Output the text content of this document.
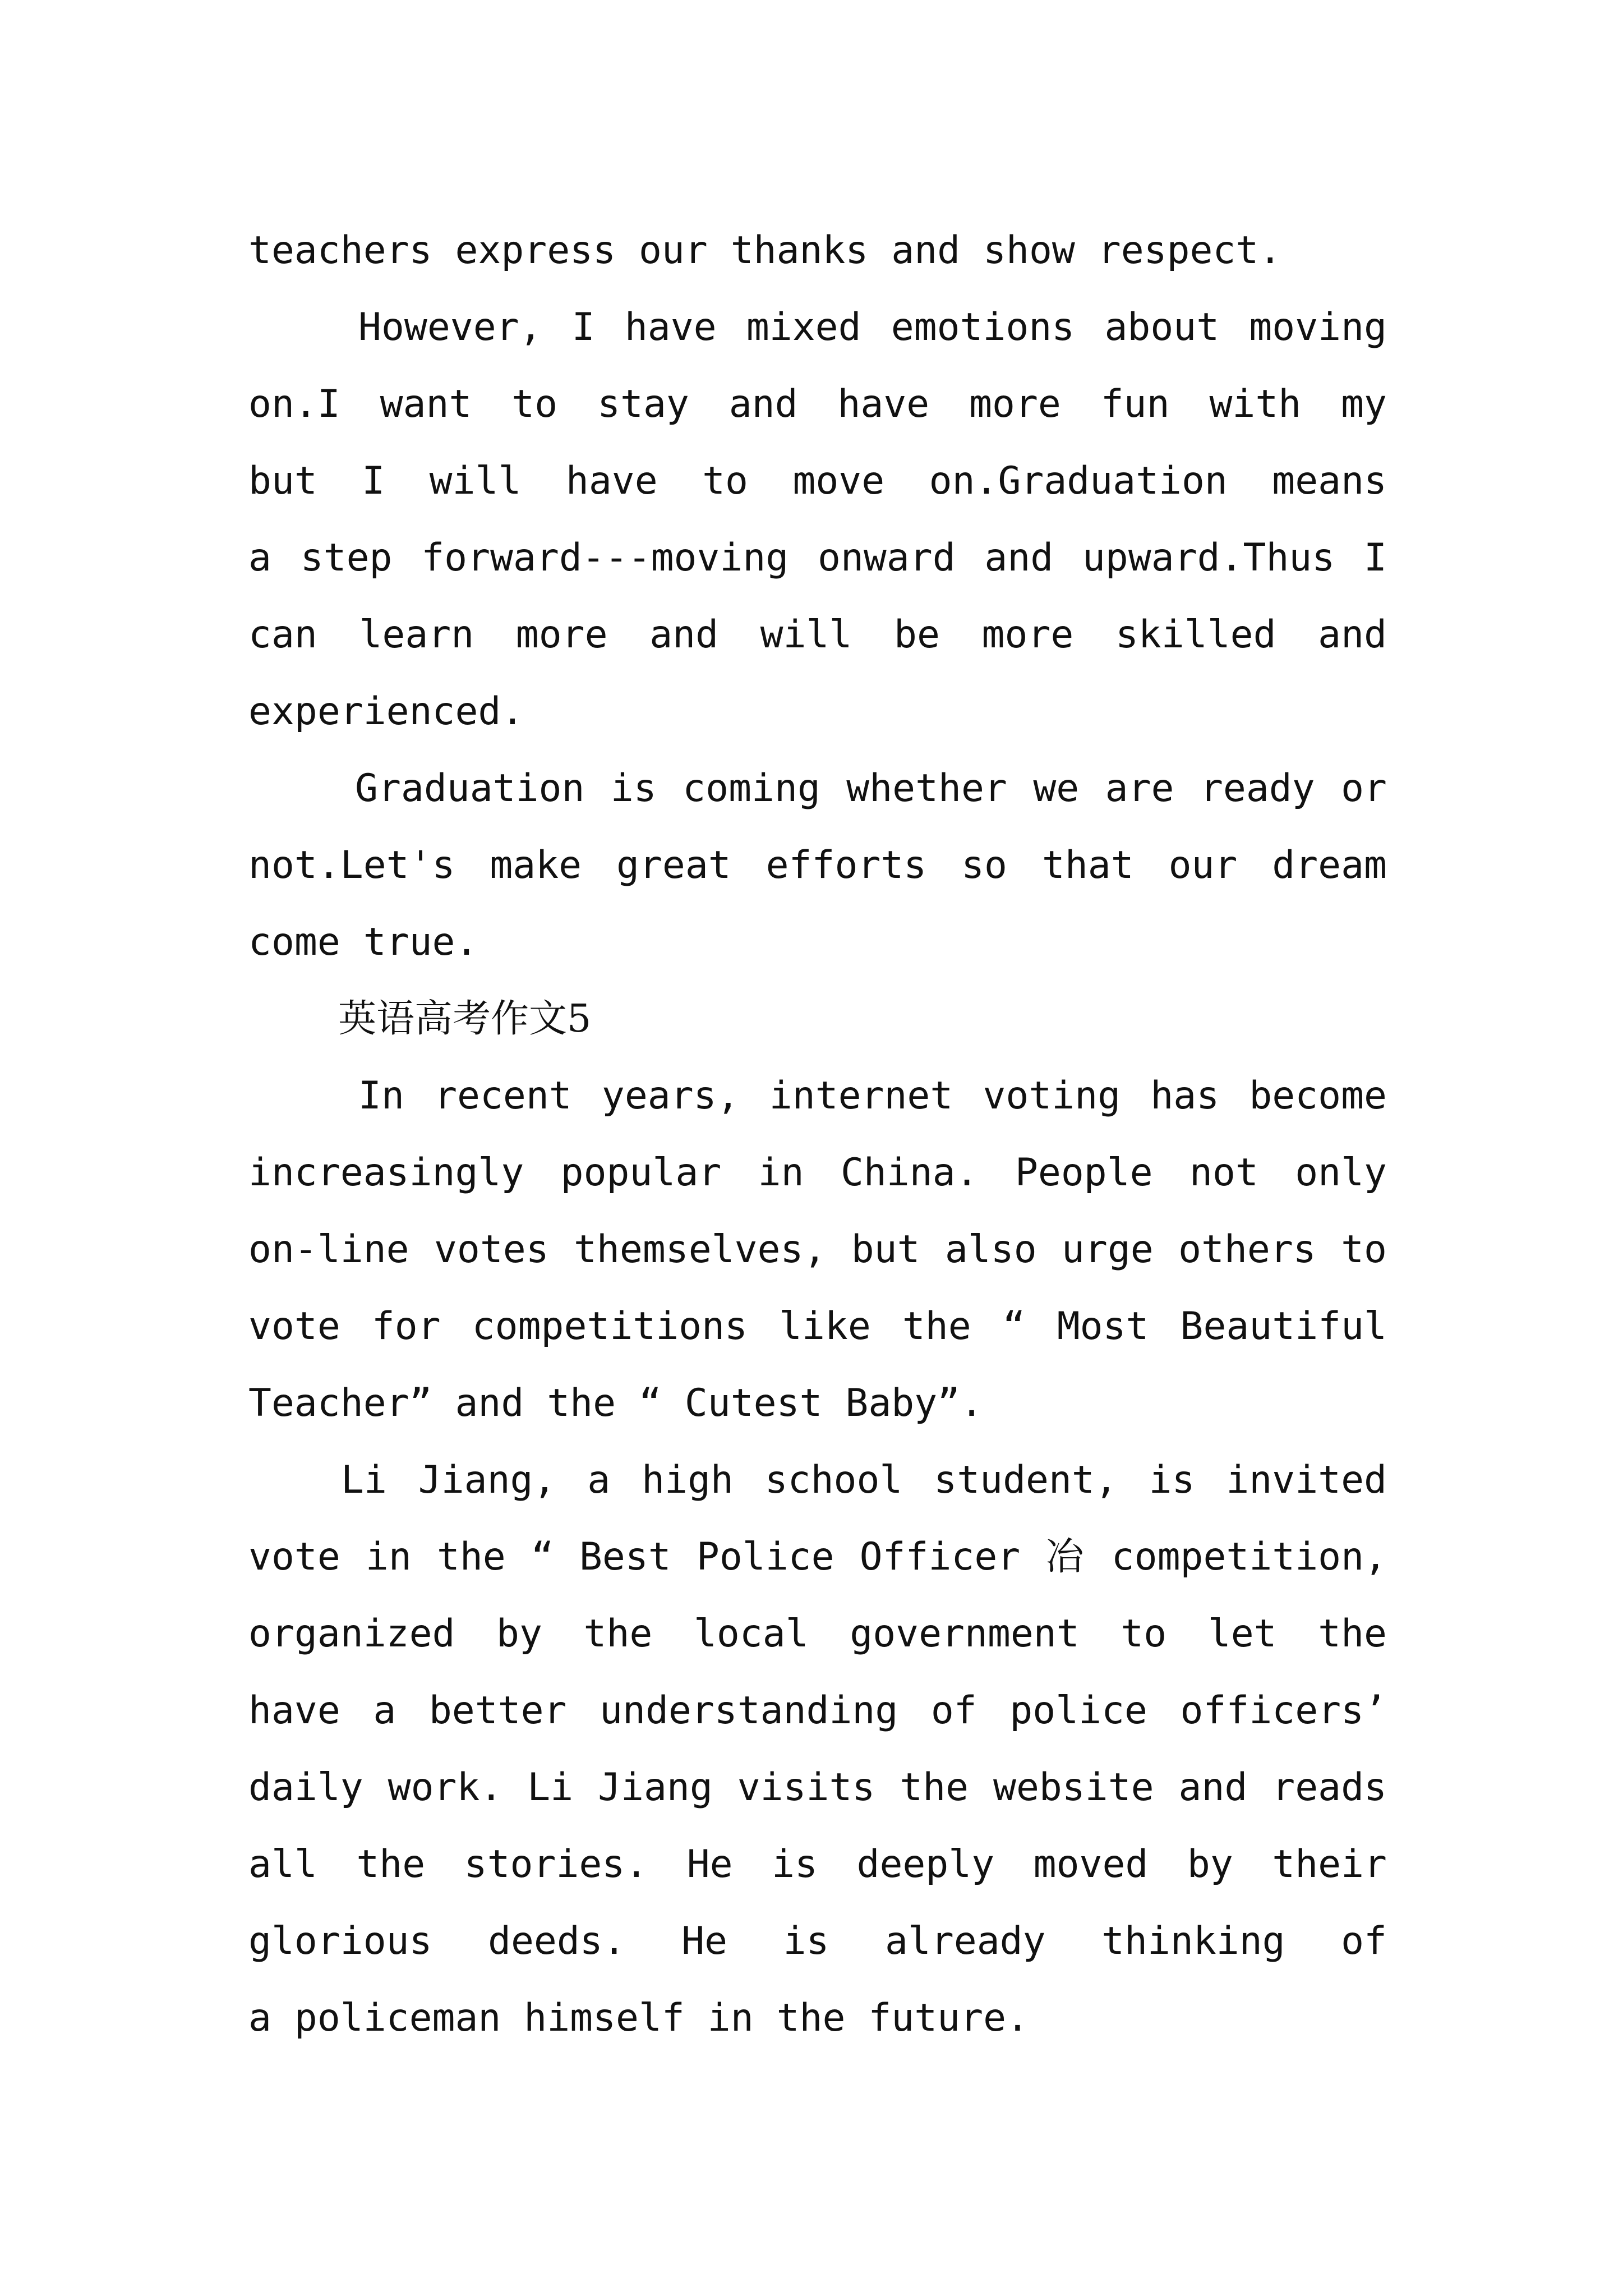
teachers express our thanks and show respect.
However, I have mixed emotions about moving
on.I want to stay and have more fun with my
but I will have to move on.Graduation means
a step forward---moving onward and upward.Thus I
can learn more and will be more skilled and
experienced.
Graduation is coming whether we are ready or
not.Let's make great efforts so that our dream
come true.
英语高考作文5
In recent years, internet voting has become
increasingly popular in China. People not only
on-line votes themselves, but also urge others to
vote for competitions like the “ Most Beautiful
Teacher” and the “ Cutest Baby”.
Li Jiang, a high school student, is invited
vote in the “ Best Police Officer 冶 competition,
organized by the local government to let the
have a better understanding of police officers’
daily work. Li Jiang visits the website and reads
all the stories. He is deeply moved by their
glorious deeds. He is already thinking of
a policeman himself in the future.
